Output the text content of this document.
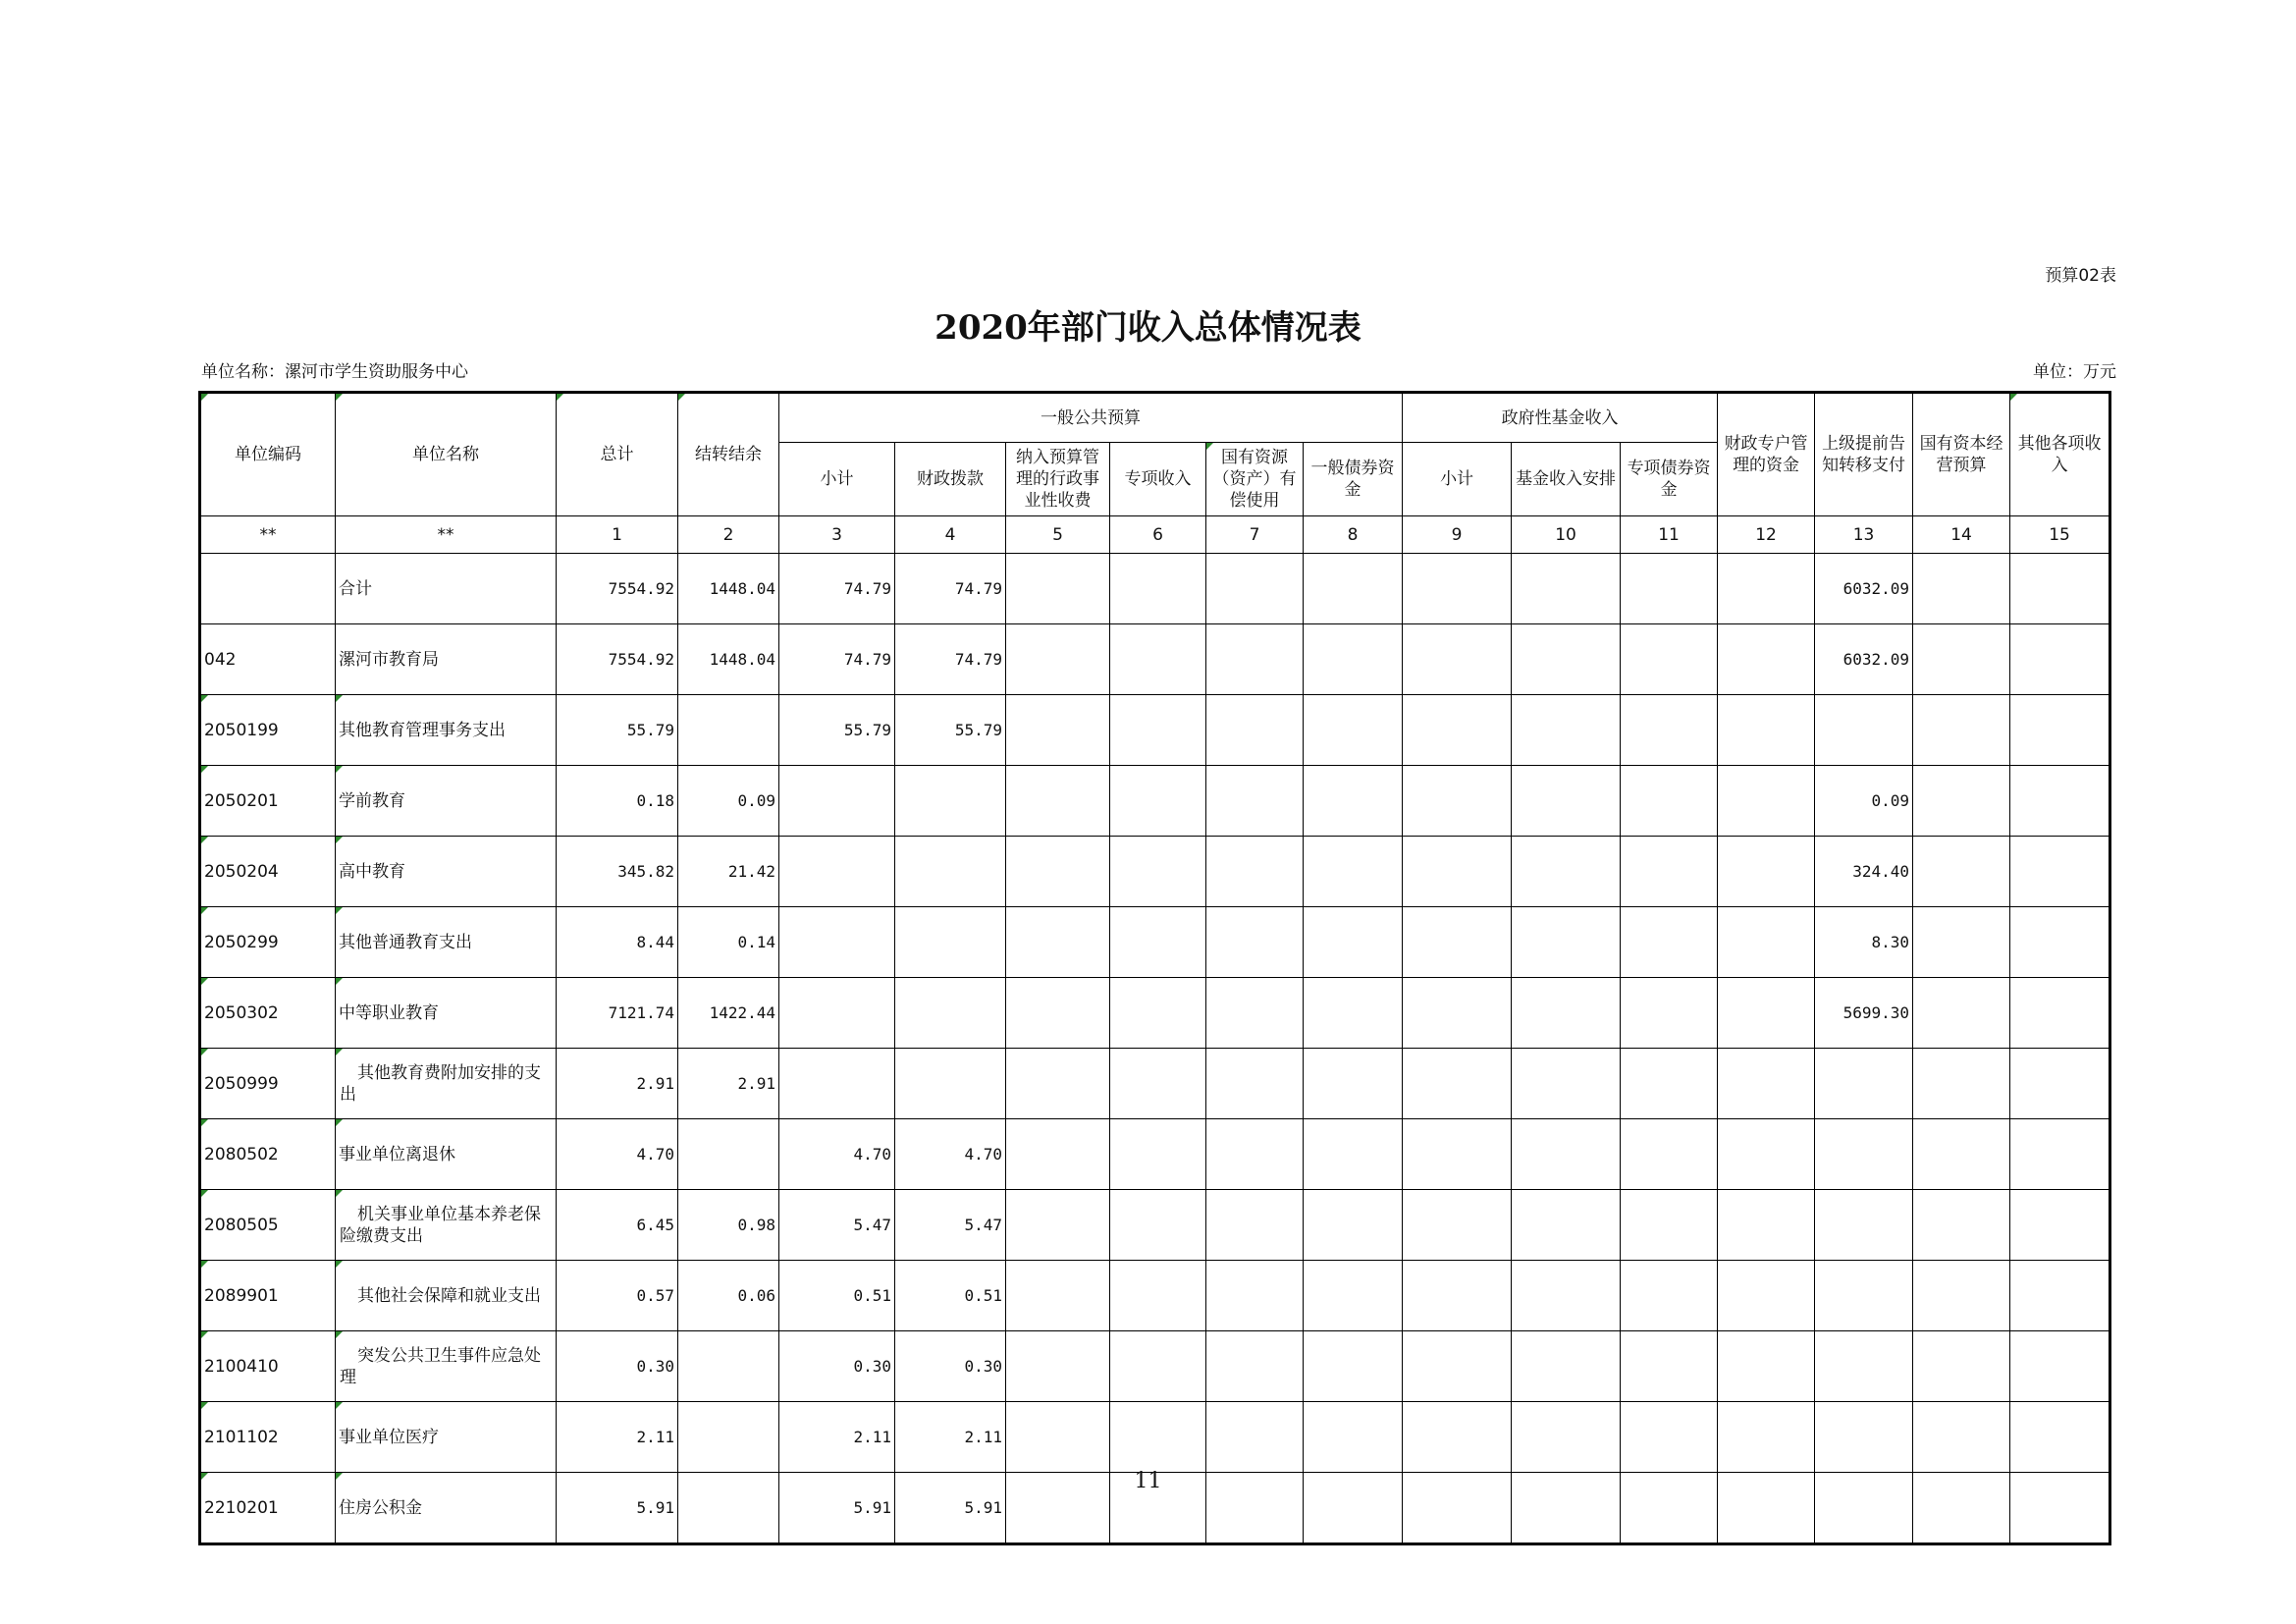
预算02表
2020年部门收入总体情况表
单位名称：漯河市学生资助服务中心	单位：万元
单位编码	单位名称	总计	结转结余	一般公共预算						政府性基金收入			财政专户管理的资金	上级提前告知转移支付	国有资本经营预算	其他各项收入
				小计	财政拨款	纳入预算管理的行政事业性收费	专项收入	国有资源（资产）有偿使用	一般债券资金	小计	基金收入安排	专项债券资金				
**	**	1	2	3	4	5	6	7	8	9	10	11	12	13	14	15
	合计	7554.92	1448.04	74.79	74.79									6032.09		
042	漯河市教育局	7554.92	1448.04	74.79	74.79									6032.09		
2050199	其他教育管理事务支出	55.79		55.79	55.79											
2050201	学前教育	0.18	0.09											0.09		
2050204	高中教育	345.82	21.42											324.40		
2050299	其他普通教育支出	8.44	0.14											8.30		
2050302	中等职业教育	7121.74	1422.44											5699.30		
2050999	其他教育费附加安排的支出	2.91	2.91													
2080502	事业单位离退休	4.70		4.70	4.70											
2080505	机关事业单位基本养老保险缴费支出	6.45	0.98	5.47	5.47											
2089901	其他社会保障和就业支出	0.57	0.06	0.51	0.51											
2100410	突发公共卫生事件应急处理	0.30		0.30	0.30											
2101102	事业单位医疗	2.11		2.11	2.11											
2210201	住房公积金	5.91		5.91	5.91											
11
